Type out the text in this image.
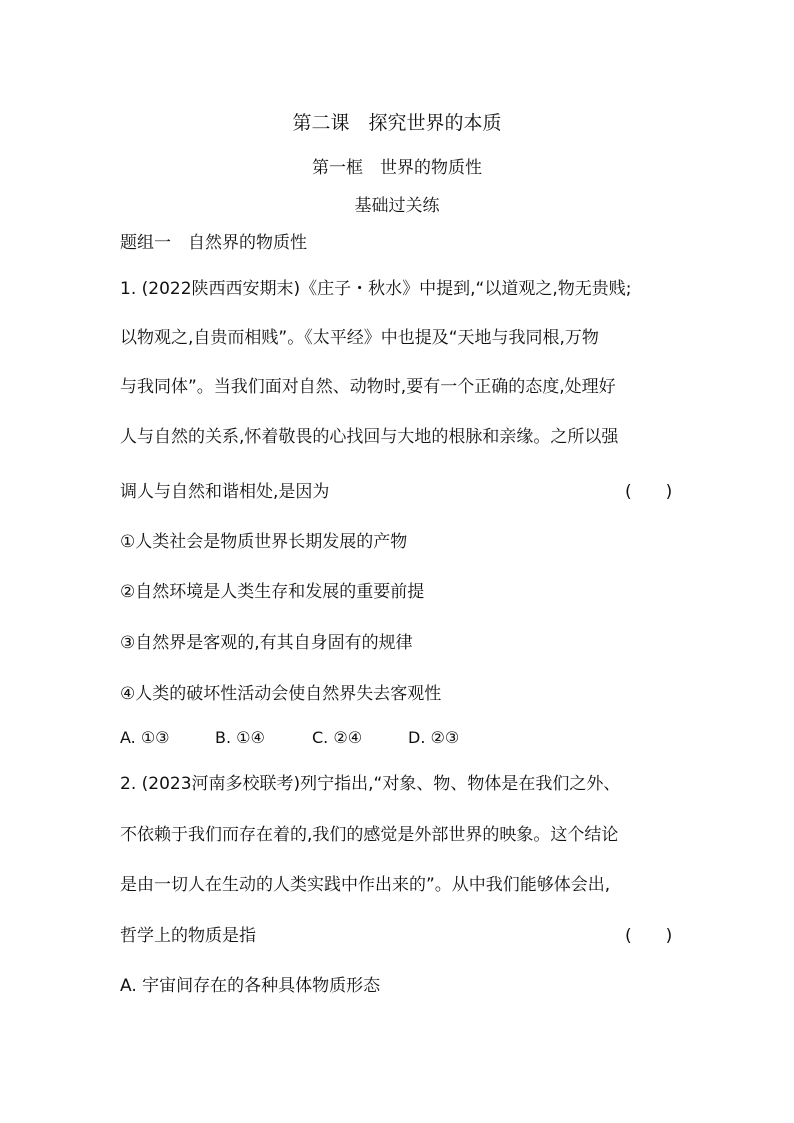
第二课　探究世界的本质
第一框　世界的物质性
基础过关练
题组一　自然界的物质性
1. (2022陕西西安期末)《庄子・秋水》中提到,“以道观之,物无贵贱;
以物观之,自贵而相贱”。《太平经》中也提及“天地与我同根,万物
与我同体”。当我们面对自然、动物时,要有一个正确的态度,处理好
人与自然的关系,怀着敬畏的心找回与大地的根脉和亲缘。之所以强
调人与自然和谐相处,是因为	(　　)
①人类社会是物质世界长期发展的产物
②自然环境是人类生存和发展的重要前提
③自然界是客观的,有其自身固有的规律
④人类的破坏性活动会使自然界失去客观性
A. ①③	B. ①④	C. ②④	D. ②③
2. (2023河南多校联考)列宁指出,“对象、物、物体是在我们之外、
不依赖于我们而存在着的,我们的感觉是外部世界的映象。这个结论
是由一切人在生动的人类实践中作出来的”。从中我们能够体会出,
哲学上的物质是指	(　　)
A. 宇宙间存在的各种具体物质形态
